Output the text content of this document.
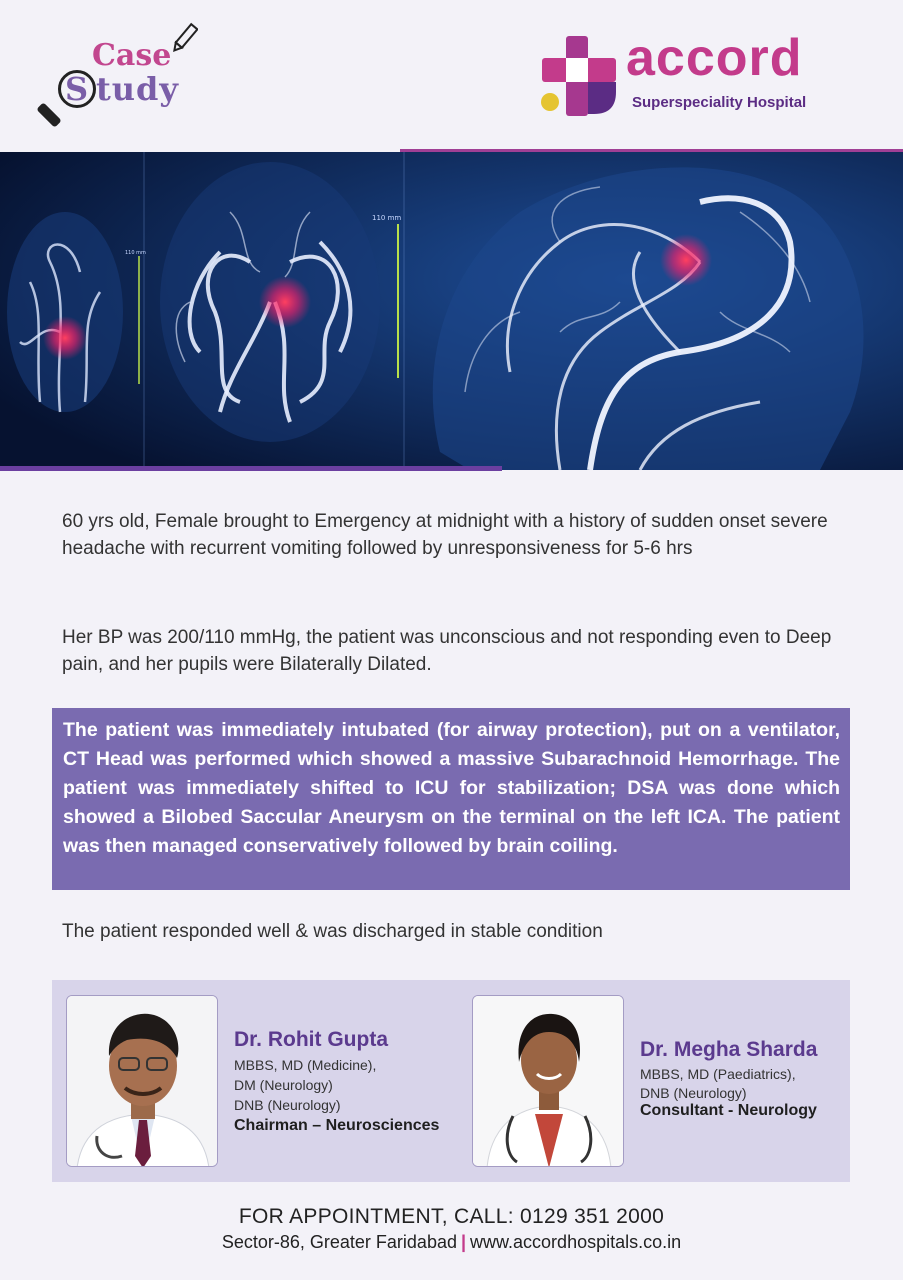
Case
S tudy
accord
Superspeciality Hospital
110 mm
110 mm

60 yrs old, Female brought to Emergency at midnight with a history of sudden onset severe headache with recurrent vomiting followed by unresponsiveness for 5-6 hrs

Her BP was 200/110 mmHg, the patient was unconscious and not responding even to Deep pain, and her pupils were Bilaterally Dilated.

The patient was immediately intubated (for airway protection), put on a ventilator, CT Head was performed which showed a massive Subarachnoid Hemorrhage. The patient was immediately shifted to ICU for stabilization; DSA was done which showed a Bilobed Saccular Aneurysm on the terminal on the left ICA. The patient was then managed conservatively followed by brain coiling.

The patient responded well & was discharged in stable condition

Dr. Rohit Gupta
MBBS, MD (Medicine),
DM (Neurology)
DNB (Neurology)
Chairman – Neurosciences
Dr. Megha Sharda
MBBS, MD (Paediatrics),
DNB (Neurology)
Consultant - Neurology
FOR APPOINTMENT, CALL: 0129 351 2000
Sector-86, Greater Faridabad | www.accordhospitals.co.in
